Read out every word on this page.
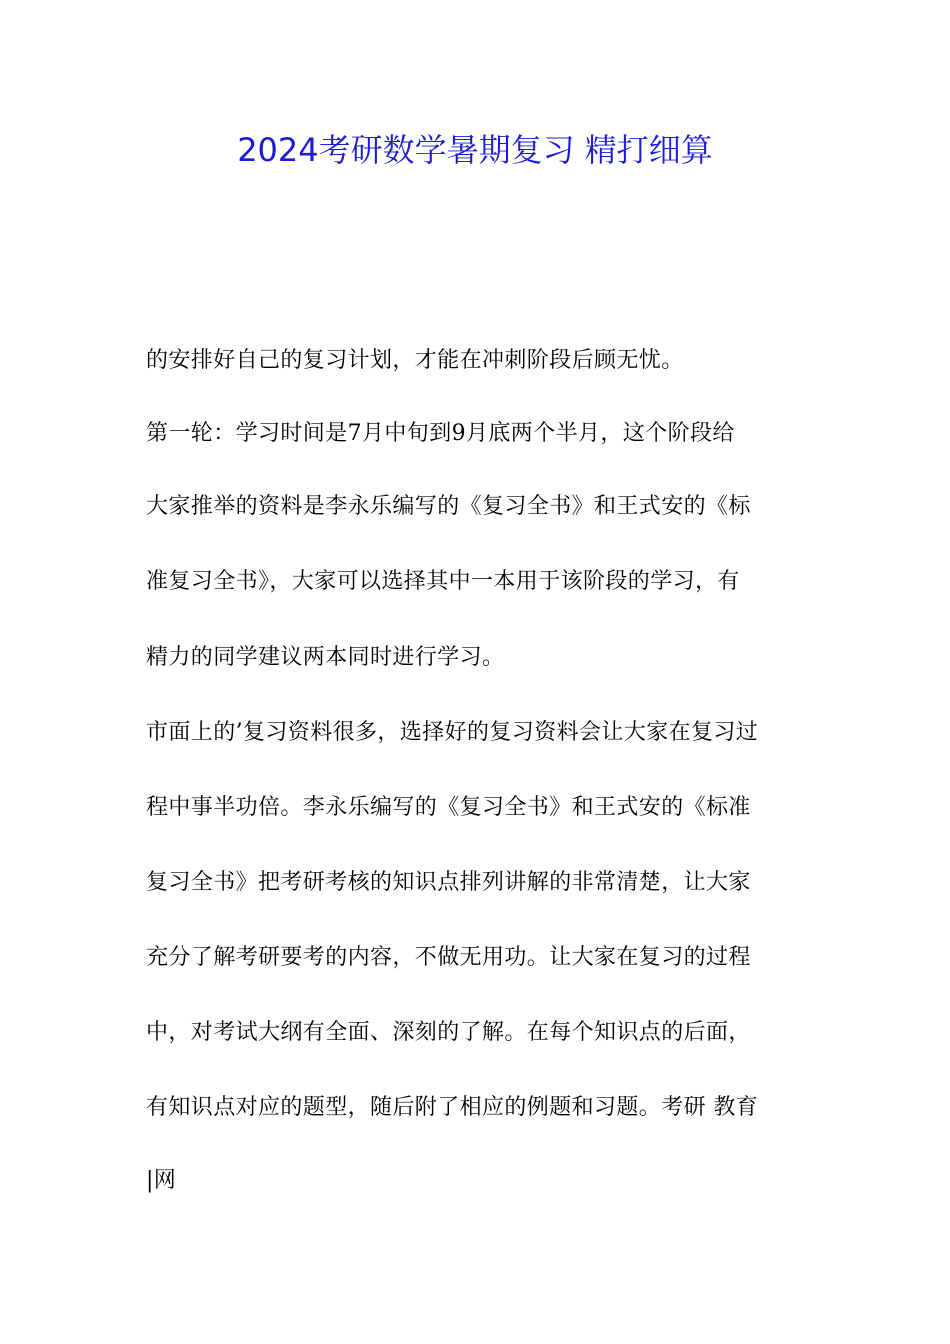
2024考研数学暑期复习 精打细算
的安排好自己的复习计划，才能在冲刺阶段后顾无忧。
第一轮：学习时间是7月中旬到9月底两个半月，这个阶段给
大家推举的资料是李永乐编写的《复习全书》和王式安的《标
准复习全书》，大家可以选择其中一本用于该阶段的学习，有
精力的同学建议两本同时进行学习。
市面上的’复习资料很多，选择好的复习资料会让大家在复习过
程中事半功倍。李永乐编写的《复习全书》和王式安的《标准
复习全书》把考研考核的知识点排列讲解的非常清楚，让大家
充分了解考研要考的内容，不做无用功。让大家在复习的过程
中，对考试大纲有全面、深刻的了解。在每个知识点的后面，
有知识点对应的题型，随后附了相应的例题和习题。考研 教育
|网
